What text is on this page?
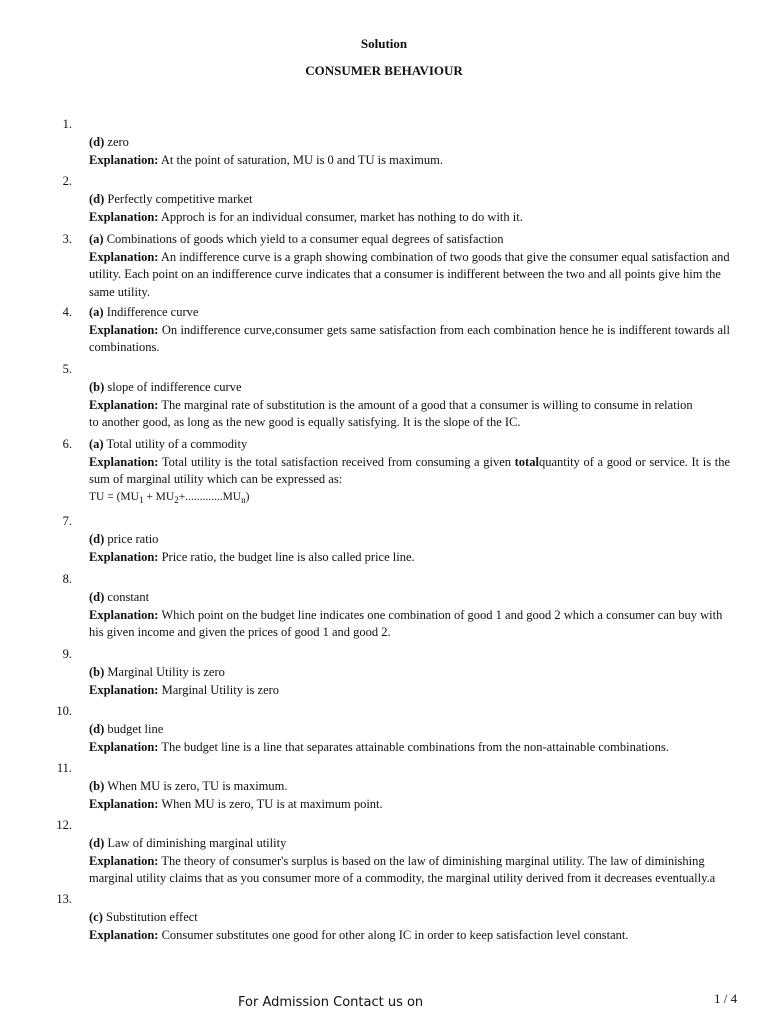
Solution
CONSUMER BEHAVIOUR
1.

(d) zero

Explanation: At the point of saturation, MU is 0 and TU is maximum.

2.

(d) Perfectly competitive market

Explanation: Approch is for an individual consumer, market has nothing to do with it.

3. (a) Combinations of goods which yield to a consumer equal degrees of satisfaction

Explanation: An indifference curve is a graph showing combination of two goods that give the consumer equal satisfaction and utility. Each point on an indifference curve indicates that a consumer is indifferent between the two and all points give him the same utility.

4. (a) Indifference curve

Explanation: On indifference curve,consumer gets same satisfaction from each combination hence he is indifferent towards all combinations.

5.

(b) slope of indifference curve

Explanation: The marginal rate of substitution is the amount of a good that a consumer is willing to consume in relation

to another good, as long as the new good is equally satisfying. It is the slope of the IC.

6. (a) Total utility of a commodity

Explanation: Total utility is the total satisfaction received from consuming a given totalquantity of a good or service. It is the sum of marginal utility which can be expressed as:

TU = $(MU_1 + MU_2+.............MU_n)$

7.

(d) price ratio

Explanation: Price ratio, the budget line is also called price line.

8.

(d) constant

Explanation: Which point on the budget line indicates one combination of good 1 and good 2 which a consumer can buy with his given income and given the prices of good 1 and good 2.

9.

(b) Marginal Utility is zero

Explanation: Marginal Utility is zero

10.

(d) budget line

Explanation: The budget line is a line that separates attainable combinations from the non-attainable combinations.

11.

(b) When MU is zero, TU is maximum.

Explanation: When MU is zero, TU is at maximum point.

12.

(d) Law of diminishing marginal utility

Explanation: The theory of consumer's surplus is based on the law of diminishing marginal utility. The law of diminishing marginal utility claims that as you consumer more of a commodity, the marginal utility derived from it decreases eventually.a

13.

(c) Substitution effect

Explanation: Consumer substitutes one good for other along IC in order to keep satisfaction level constant.

For Admission Contact us on	1 / 4
